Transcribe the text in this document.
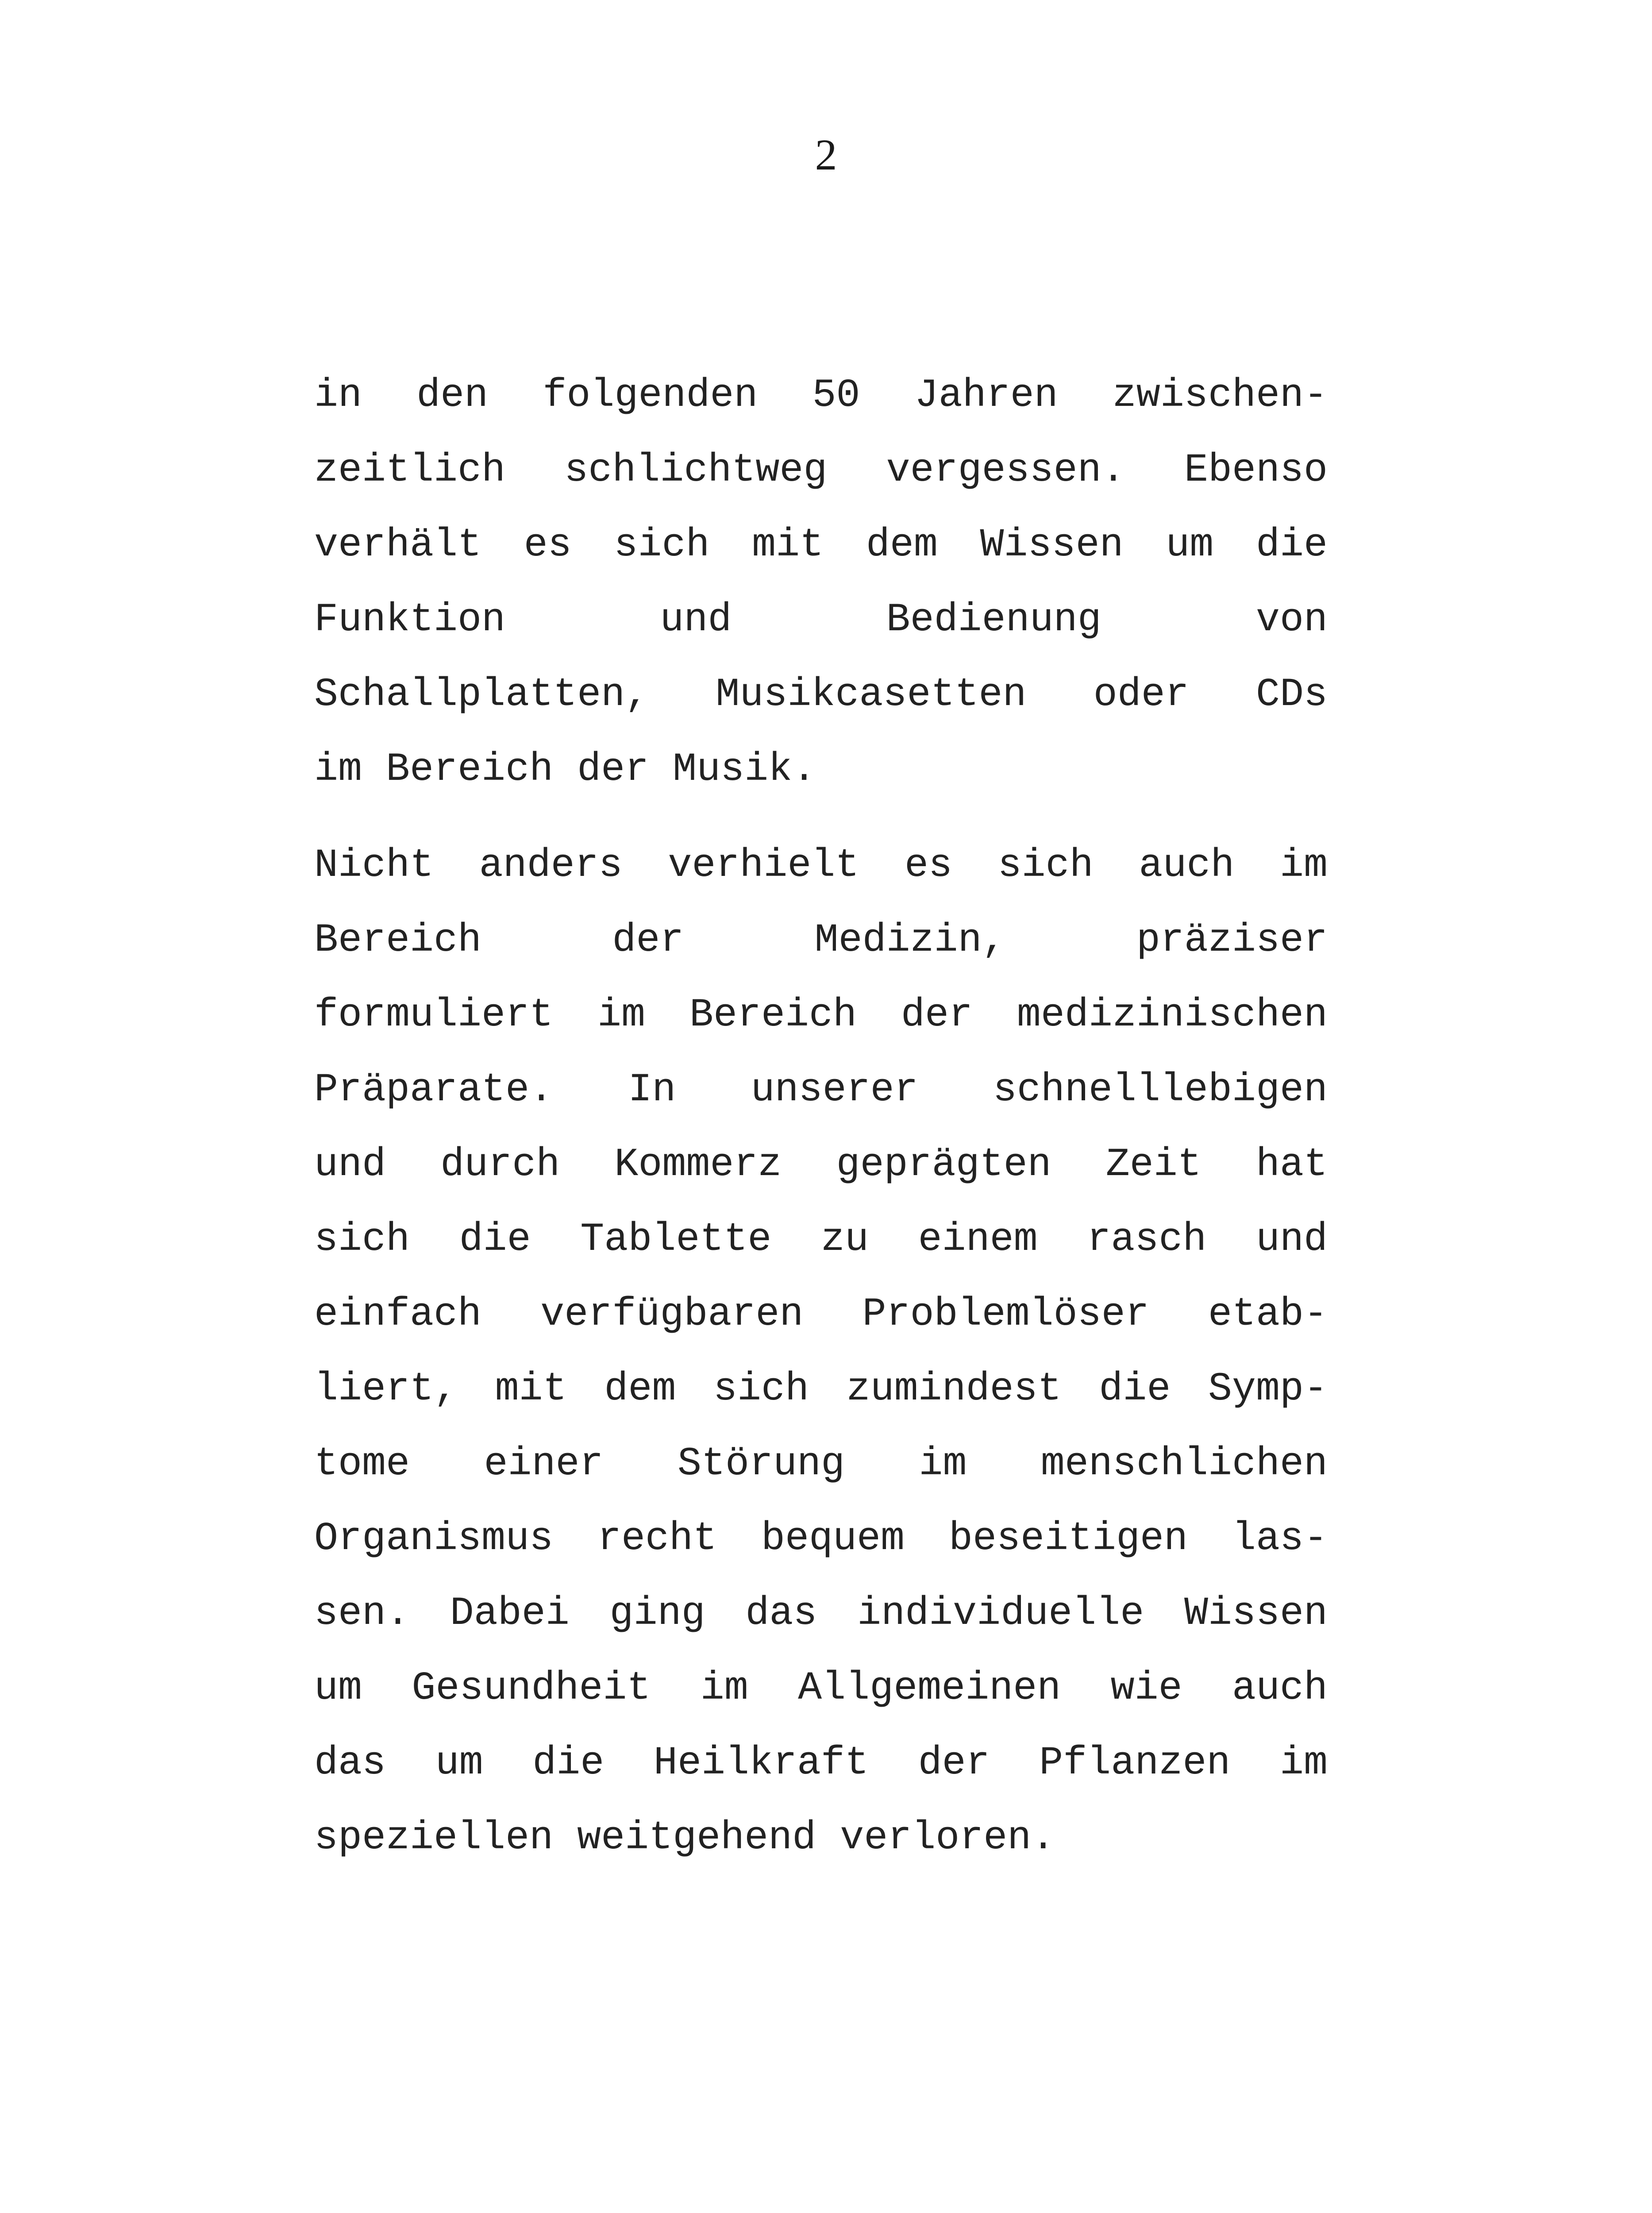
2

in den folgenden 50 Jahren zwischen-
zeitlich schlichtweg vergessen. Ebenso
verhält es sich mit dem Wissen um die
Funktion und Bedienung von
Schallplatten, Musikcasetten oder CDs
im Bereich der Musik.

Nicht anders verhielt es sich auch im
Bereich der Medizin, präziser
formuliert im Bereich der medizinischen
Präparate. In unserer schnelllebigen
und durch Kommerz geprägten Zeit hat
sich die Tablette zu einem rasch und
einfach verfügbaren Problemlöser etab-
liert, mit dem sich zumindest die Symp-
tome einer Störung im menschlichen
Organismus recht bequem beseitigen las-
sen. Dabei ging das individuelle Wissen
um Gesundheit im Allgemeinen wie auch
das um die Heilkraft der Pflanzen im
speziellen weitgehend verloren.
